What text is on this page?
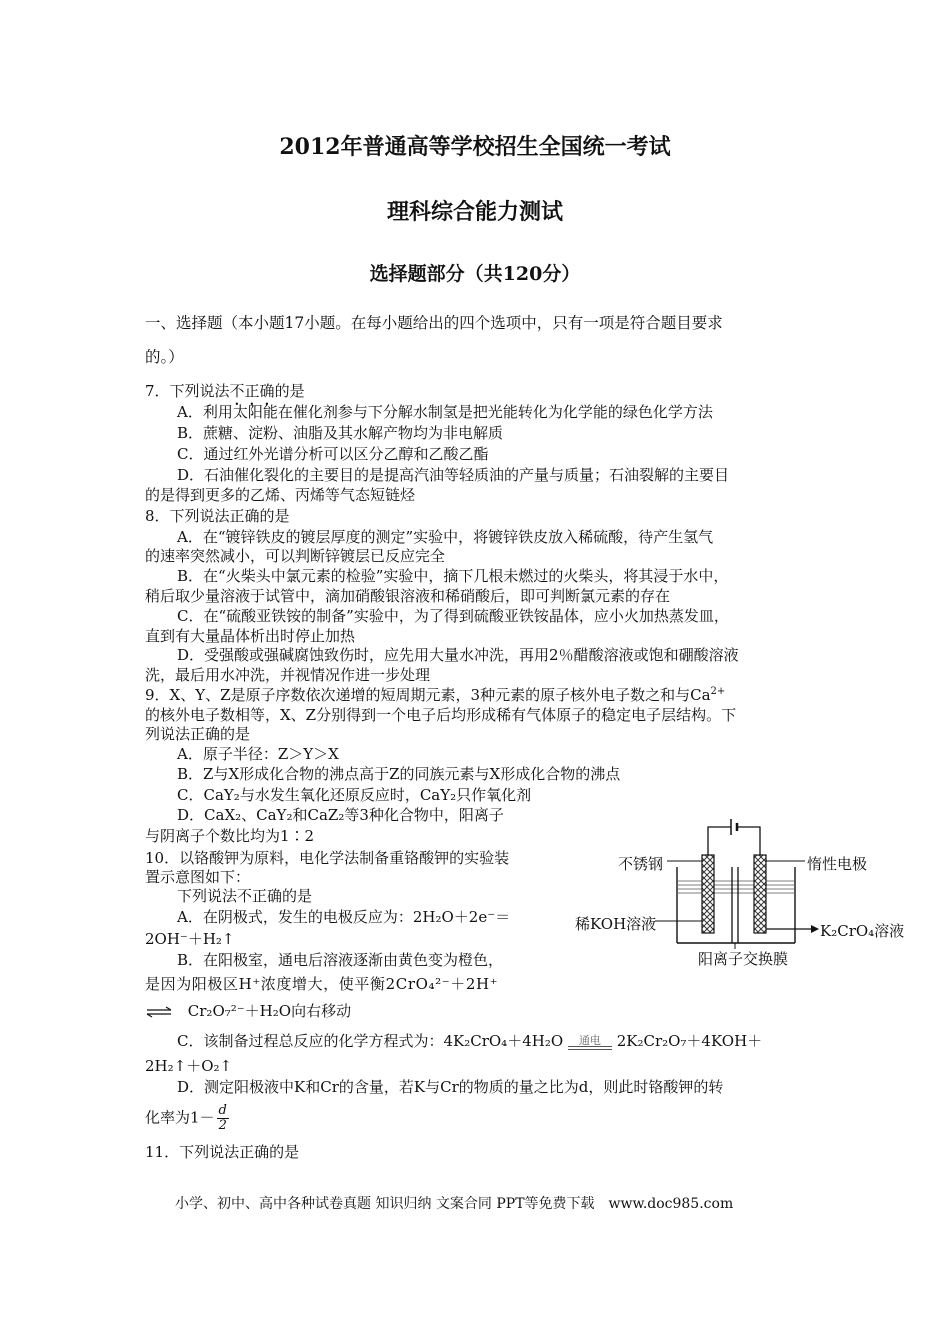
2012年普通高等学校招生全国统一考试
理科综合能力测试
选择题部分（共120分）
一、选择题（本小题17小题。在每小题给出的四个选项中，只有一项是符合题目要求
的。）
7．下列说法不正确的是
A．利用太阳能在催化剂参与下分解水制氢是把光能转化为化学能的绿色化学方法
B．蔗糖、淀粉、油脂及其水解产物均为非电解质
C．通过红外光谱分析可以区分乙醇和乙酸乙酯
D．石油催化裂化的主要目的是提高汽油等轻质油的产量与质量；石油裂解的主要目
的是得到更多的乙烯、丙烯等气态短链烃
8．下列说法正确的是
A．在“镀锌铁皮的镀层厚度的测定”实验中，将镀锌铁皮放入稀硫酸，待产生氢气
的速率突然减小，可以判断锌镀层已反应完全
B．在“火柴头中氯元素的检验”实验中，摘下几根未燃过的火柴头，将其浸于水中，
稍后取少量溶液于试管中，滴加硝酸银溶液和稀硝酸后，即可判断氯元素的存在
C．在“硫酸亚铁铵的制备”实验中，为了得到硫酸亚铁铵晶体，应小火加热蒸发皿，
直到有大量晶体析出时停止加热
D．受强酸或强碱腐蚀致伤时，应先用大量水冲洗，再用2％醋酸溶液或饱和硼酸溶液
洗，最后用水冲洗，并视情况作进一步处理
9．X、Y、Z是原子序数依次递增的短周期元素，3种元素的原子核外电子数之和与$Ca^{2+}$
的核外电子数相等，X、Z分别得到一个电子后均形成稀有气体原子的稳定电子层结构。下
列说法正确的是
A．原子半径：Z＞Y＞X
B．Z与X形成化合物的沸点高于Z的同族元素与X形成化合物的沸点
C．CaY₂与水发生氧化还原反应时，CaY₂只作氧化剂
D．CaX₂、CaY₂和CaZ₂等3种化合物中，阳离子
与阴离子个数比均为1∶2
10．以铬酸钾为原料，电化学法制备重铬酸钾的实验装
置示意图如下：
下列说法不正确的是
A．在阴极式，发生的电极反应为：2H₂O＋2e⁻＝
2OH⁻＋H₂↑
B．在阳极室，通电后溶液逐渐由黄色变为橙色，
是因为阳极区H⁺浓度增大，使平衡2CrO₄²⁻＋2H⁺
⇌ Cr₂O₇²⁻＋H₂O向右移动
C．该制备过程总反应的化学方程式为：4K₂CrO₄＋4H₂O	通电	2K₂Cr₂O₇＋4KOH＋
2H₂↑＋O₂↑
D．测定阳极液中K和Cr的含量，若K与Cr的物质的量之比为d，则此时铬酸钾的转
化率为$1- \frac{d}{2}$
11．下列说法正确的是
不锈钢	惰性电极
稀KOH溶液	K₂CrO₄溶液
阳离子交换膜
小学、初中、高中各种试卷真题 知识归纳 文案合同 PPT等免费下载　www.doc985.com
